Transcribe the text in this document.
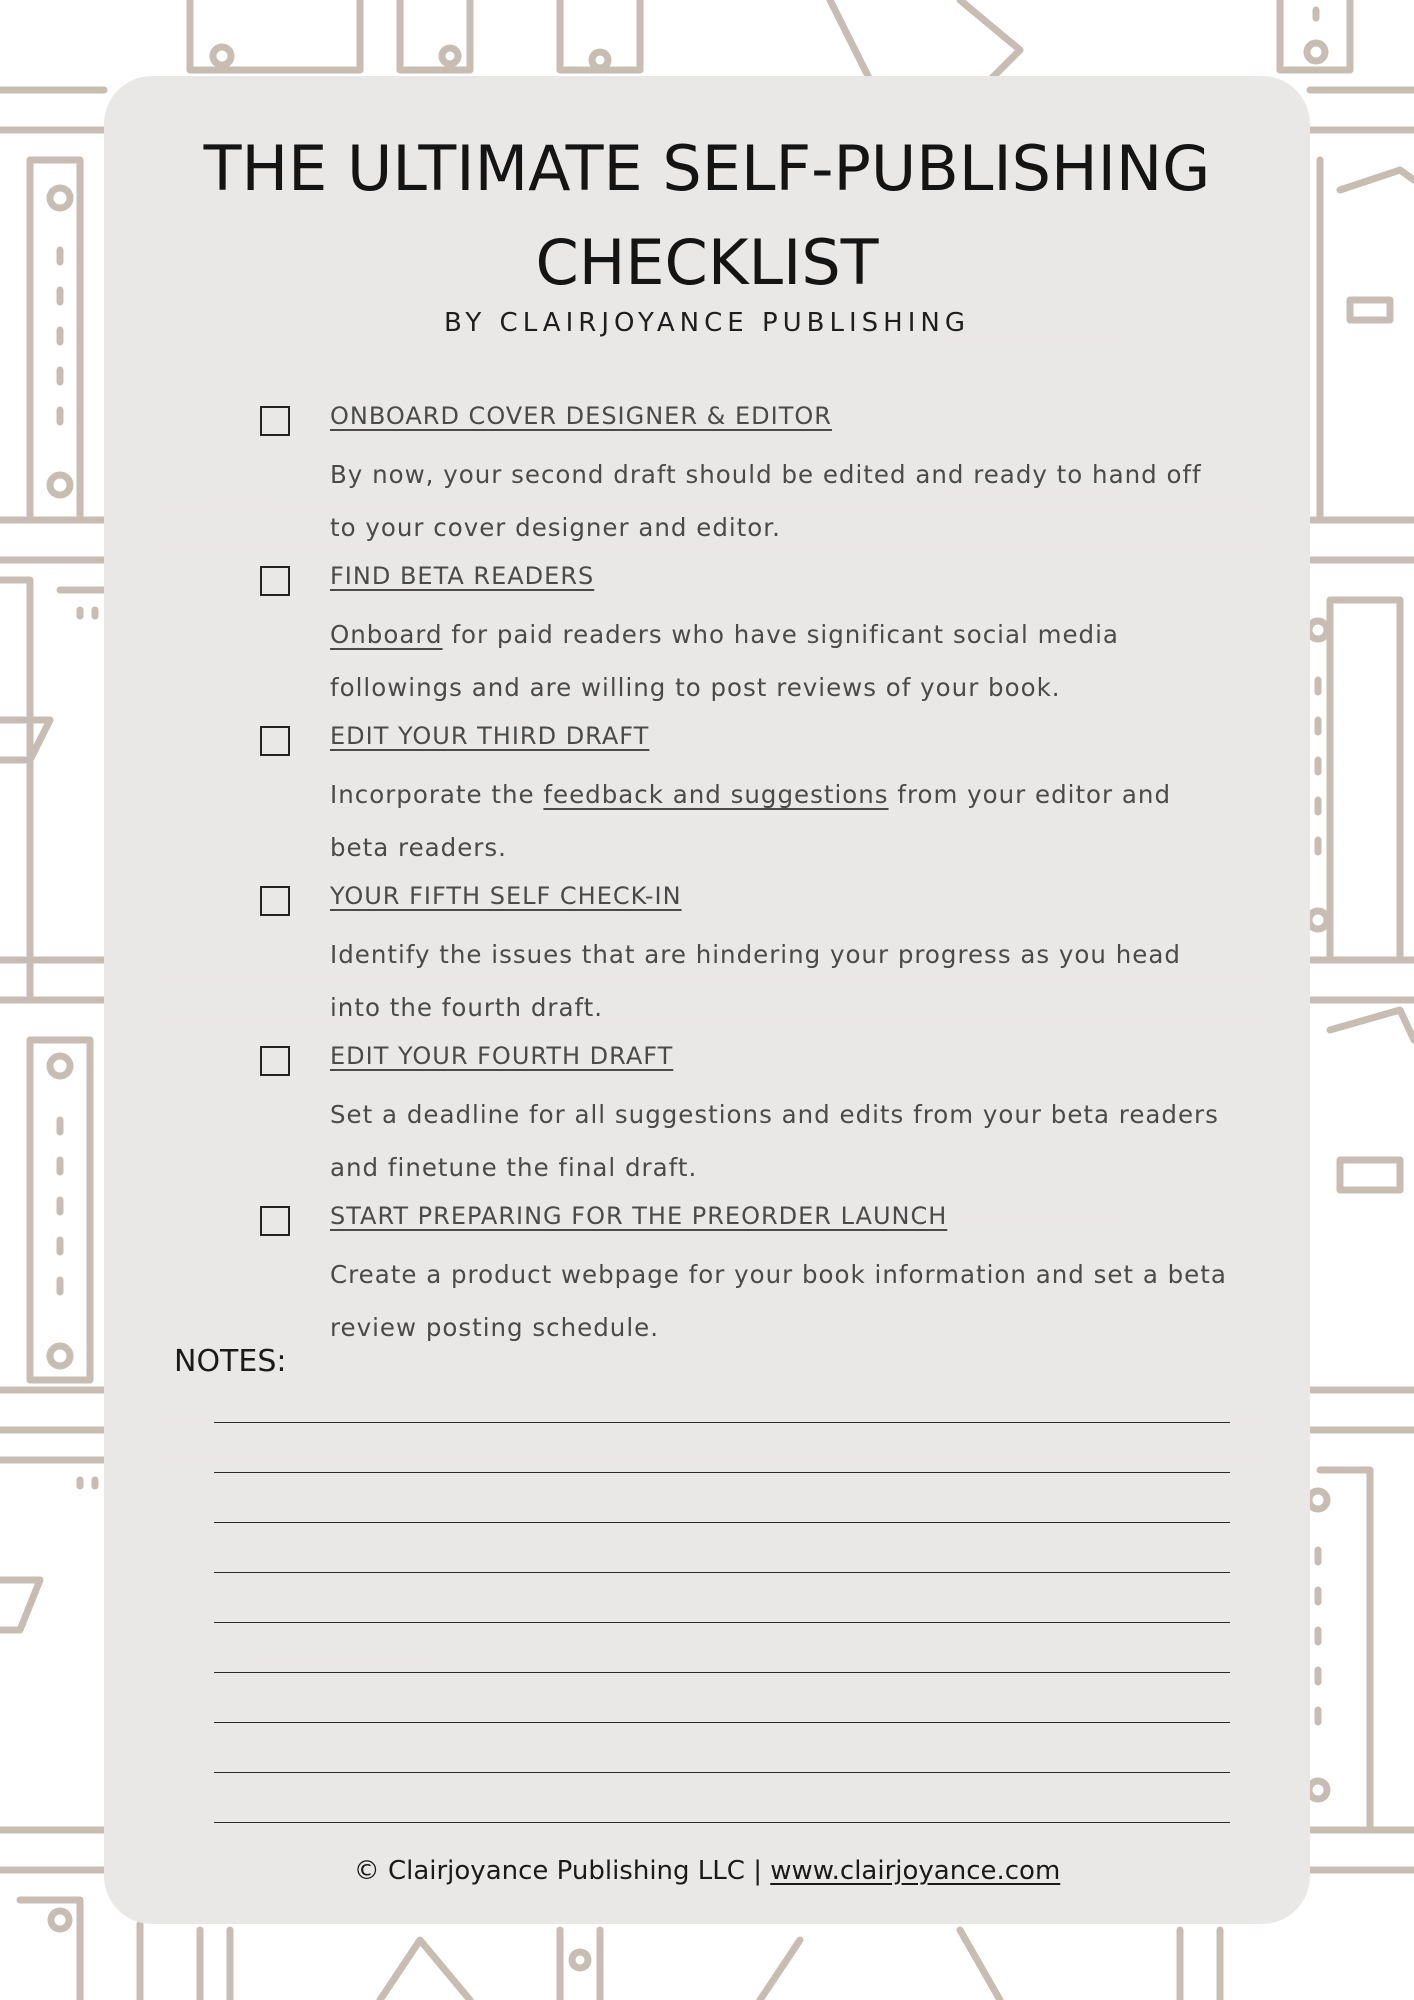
THE ULTIMATE SELF-PUBLISHING CHECKLIST
BY CLAIRJOYANCE PUBLISHING
ONBOARD COVER DESIGNER & EDITOR

By now, your second draft should be edited and ready to hand off to your cover designer and editor.

FIND BETA READERS

Onboard for paid readers who have significant social media followings and are willing to post reviews of your book.

EDIT YOUR THIRD DRAFT

Incorporate the feedback and suggestions from your editor and beta readers.

YOUR FIFTH SELF CHECK-IN

Identify the issues that are hindering your progress as you head into the fourth draft.

EDIT YOUR FOURTH DRAFT

Set a deadline for all suggestions and edits from your beta readers and finetune the final draft.

START PREPARING FOR THE PREORDER LAUNCH

Create a product webpage for your book information and set a beta review posting schedule.

NOTES:
© Clairjoyance Publishing LLC | www.clairjoyance.com
